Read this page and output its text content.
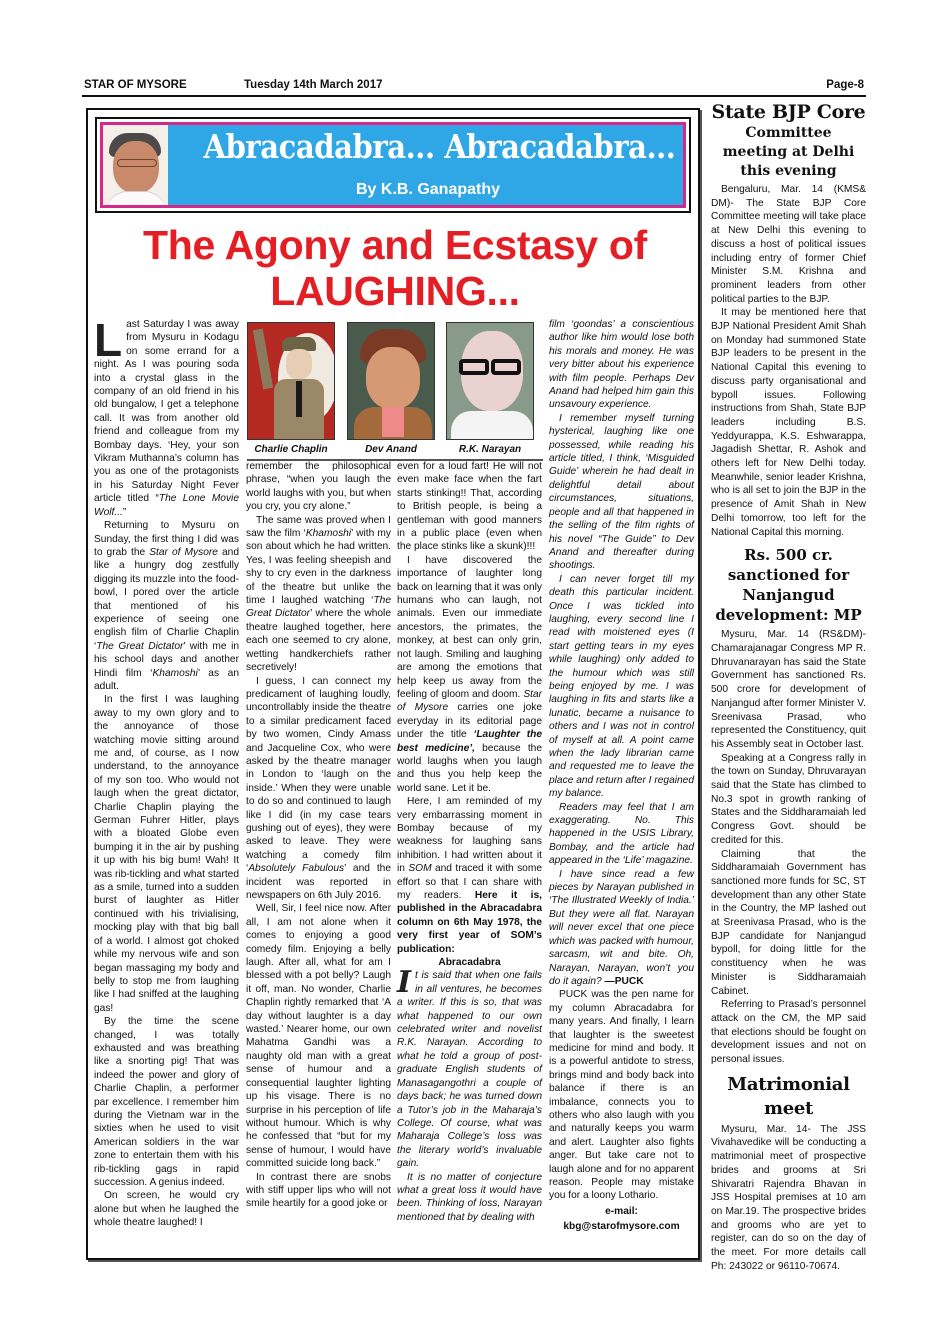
STAR OF MYSORE	Tuesday 14th March 2017	Page-8
Abracadabra... Abracadabra...
By K.B. Ganapathy
The Agony and Ecstasy of
LAUGHING...

Last Saturday I was away from Mysuru in Kodagu on some errand for a night. As I was pouring soda into a crystal glass in the company of an old friend in his old bungalow, I get a telephone call. It was from another old friend and colleague from my Bombay days. ‘Hey, your son Vikram Muthanna’s column has you as one of the protagonists in his Saturday Night Fever article titled “The Lone Movie Wolf...”

Returning to Mysuru on Sunday, the first thing I did was to grab the Star of Mysore and like a hungry dog zestfully digging its muzzle into the food-bowl, I pored over the article that mentioned of his experience of seeing one english film of Charlie Chaplin ‘The Great Dictator’ with me in his school days and another Hindi film ‘Khamoshi’ as an adult.

In the first I was laughing away to my own glory and to the annoyance of those watching movie sitting around me and, of course, as I now understand, to the annoyance of my son too. Who would not laugh when the great dictator, Charlie Chaplin playing the German Fuhrer Hitler, plays with a bloated Globe even bumping it in the air by pushing it up with his big bum! Wah! It was rib-tickling and what started as a smile, turned into a sudden burst of laughter as Hitler continued with his trivialising, mocking play with that big ball of a world. I almost got choked while my nervous wife and son began massaging my body and belly to stop me from laughing like I had sniffed at the laughing gas!

By the time the scene changed, I was totally exhausted and was breathing like a snorting pig! That was indeed the power and glory of Charlie Chaplin, a performer par excellence. I remember him during the Vietnam war in the sixties when he used to visit American soldiers in the war zone to entertain them with his rib-tickling gags in rapid succession. A genius indeed.

On screen, he would cry alone but when he laughed the whole theatre laughed! I

Charlie Chaplin	Dev Anand	R.K. Narayan

remember the philosophical phrase, “when you laugh the world laughs with you, but when you cry, you cry alone.”

The same was proved when I saw the film ‘Khamoshi’ with my son about which he had written. Yes, I was feeling sheepish and shy to cry even in the darkness of the theatre but unlike the time I laughed watching ‘The Great Dictator’ where the whole theatre laughed together, here each one seemed to cry alone, wetting handkerchiefs rather secretively!

I guess, I can connect my predicament of laughing loudly, uncontrollably inside the theatre to a similar predicament faced by two women, Cindy Amass and Jacqueline Cox, who were asked by the theatre manager in London to ‘laugh on the inside.’ When they were unable to do so and continued to laugh like I did (in my case tears gushing out of eyes), they were asked to leave. They were watching a comedy film ‘Absolutely Fabulous’ and the incident was reported in newspapers on 6th July 2016.

Well, Sir, I feel nice now. After all, I am not alone when it comes to enjoying a good comedy film. Enjoying a belly laugh. After all, what for am I blessed with a pot belly? Laugh it off, man. No wonder, Charlie Chaplin rightly remarked that ‘A day without laughter is a day wasted.’ Nearer home, our own Mahatma Gandhi was a naughty old man with a great sense of humour and a consequential laughter lighting up his visage. There is no surprise in his perception of life without humour. Which is why he confessed that “but for my sense of humour, I would have committed suicide long back.”

In contrast there are snobs with stiff upper lips who will not smile heartily for a good joke or

even for a loud fart! He will not even make face when the fart starts stinking!! That, according to British people, is being a gentleman with good manners in a public place (even when the place stinks like a skunk)!!!

I have discovered the importance of laughter long back on learning that it was only humans who can laugh, not animals. Even our immediate ancestors, the primates, the monkey, at best can only grin, not laugh. Smiling and laughing are among the emotions that help keep us away from the feeling of gloom and doom. Star of Mysore carries one joke everyday in its editorial page under the title ‘Laughter the best medicine’, because the world laughs when you laugh and thus you help keep the world sane. Let it be.

Here, I am reminded of my very embarrassing moment in Bombay because of my weakness for laughing sans inhibition. I had written about it in SOM and traced it with some effort so that I can share with my readers. Here it is, published in the Abracadabra column on 6th May 1978, the very first year of SOM’s publication:

Abracadabra

It is said that when one fails in all ventures, he becomes a writer. If this is so, that was what happened to our own celebrated writer and novelist R.K. Narayan. According to what he told a group of post-graduate English students of Manasagangothri a couple of days back; he was turned down a Tutor’s job in the Maharaja’s College. Of course, what was Maharaja College’s loss was the literary world’s invaluable gain.

It is no matter of conjecture what a great loss it would have been. Thinking of loss, Narayan mentioned that by dealing with

film ‘goondas’ a conscientious author like him would lose both his morals and money. He was very bitter about his experience with film people. Perhaps Dev Anand had helped him gain this unsavoury experience.

I remember myself turning hysterical, laughing like one possessed, while reading his article titled, I think, ‘Misguided Guide’ wherein he had dealt in delightful detail about circumstances, situations, people and all that happened in the selling of the film rights of his novel “The Guide” to Dev Anand and thereafter during shootings.

I can never forget till my death this particular incident. Once I was tickled into laughing, every second line I read with moistened eyes (I start getting tears in my eyes while laughing) only added to the humour which was still being enjoyed by me. I was laughing in fits and starts like a lunatic, became a nuisance to others and I was not in control of myself at all. A point came when the lady librarian came and requested me to leave the place and return after I regained my balance.

Readers may feel that I am exaggerating. No. This happened in the USIS Library, Bombay, and the article had appeared in the ‘Life’ magazine.

I have since read a few pieces by Narayan published in ‘The Illustrated Weekly of India.’ But they were all flat. Narayan will never excel that one piece which was packed with humour, sarcasm, wit and bite. Oh, Narayan, Narayan, won’t you do it again? —PUCK

PUCK was the pen name for my column Abracadabra for many years. And finally, I learn that laughter is the sweetest medicine for mind and body. It is a powerful antidote to stress, brings mind and body back into balance if there is an imbalance, connects you to others who also laugh with you and naturally keeps you warm and alert. Laughter also fights anger. But take care not to laugh alone and for no apparent reason. People may mistake you for a loony Lothario.

e-mail:

kbg@starofmysore.com

State BJP Core
Committee meeting at Delhi this evening

Bengaluru, Mar. 14 (KMS& DM)- The State BJP Core Committee meeting will take place at New Delhi this evening to discuss a host of political issues including entry of former Chief Minister S.M. Krishna and prominent leaders from other political parties to the BJP.

It may be mentioned here that BJP National President Amit Shah on Monday had summoned State BJP leaders to be present in the National Capital this evening to discuss party organisational and bypoll issues. Following instructions from Shah, State BJP leaders including B.S. Yeddyurappa, K.S. Eshwarappa, Jagadish Shettar, R. Ashok and others left for New Delhi today. Meanwhile, senior leader Krishna, who is all set to join the BJP in the presence of Amit Shah in New Delhi tomorrow, too left for the National Capital this morning.

Rs. 500 cr. sanctioned for Nanjangud development: MP

Mysuru, Mar. 14 (RS&DM)- Chamarajanagar Congress MP R. Dhruvanarayan has said the State Government has sanctioned Rs. 500 crore for development of Nanjangud after former Minister V. Sreenivasa Prasad, who represented the Constituency, quit his Assembly seat in October last.

Speaking at a Congress rally in the town on Sunday, Dhruvarayan said that the State has climbed to No.3 spot in growth ranking of States and the Siddharamaiah led Congress Govt. should be credited for this.

Claiming that the Siddharamaiah Government has sanctioned more funds for SC, ST development than any other State in the Country, the MP lashed out at Sreenivasa Prasad, who is the BJP candidate for Nanjangud bypoll, for doing little for the constituency when he was Minister is Siddharamaiah Cabinet.

Referring to Prasad’s personnel attack on the CM, the MP said that elections should be fought on development issues and not on personal issues.

Matrimonial meet

Mysuru, Mar. 14- The JSS Vivahavedike will be conducting a matrimonial meet of prospective brides and grooms at Sri Shivaratri Rajendra Bhavan in JSS Hospital premises at 10 am on Mar.19. The prospective brides and grooms who are yet to register, can do so on the day of the meet. For more details call Ph: 243022 or 96110-70674.
